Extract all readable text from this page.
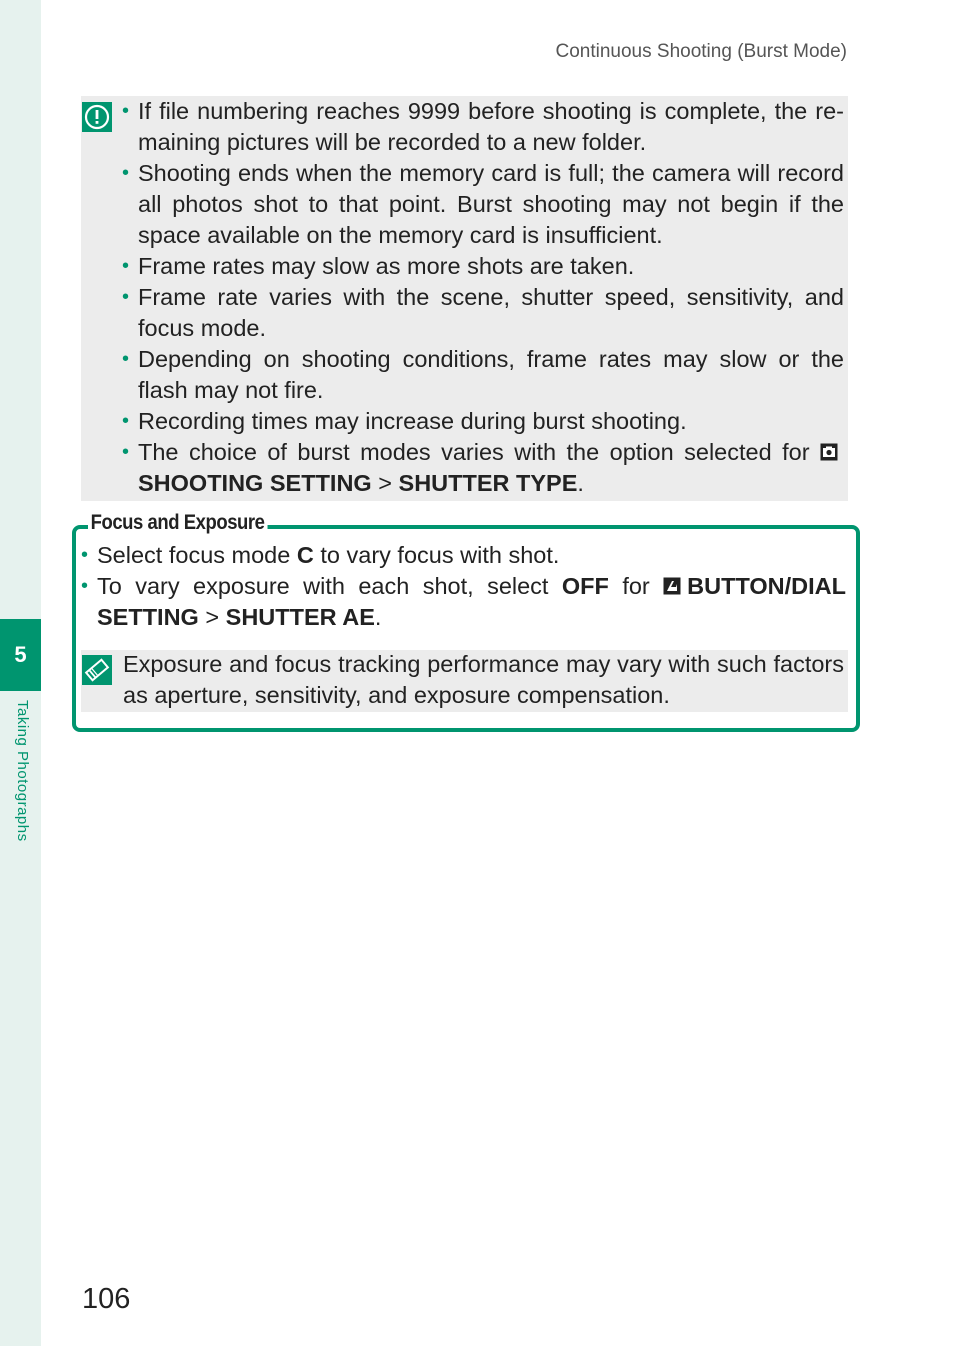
5
Taking Photographs
Continuous Shooting (Burst Mode)
• If file numbering reaches 9999 before shooting is complete, the re-maining pictures will be recorded to a new folder.
• Shooting ends when the memory card is full; the camera will record all photos shot to that point. Burst shooting may not begin if the space available on the memory card is insufficient.
• Frame rates may slow as more shots are taken.
• Frame rate varies with the scene, shutter speed, sensitivity, and focus mode.
• Depending on shooting conditions, frame rates may slow or the flash may not fire.
• Recording times may increase during burst shooting.
• The choice of burst modes varies with the option selected for SHOOTING SETTING > SHUTTER TYPE.
Focus and Exposure
• Select focus mode C to vary focus with shot.
• To vary exposure with each shot, select OFF for BUTTON/DIAL SETTING > SHUTTER AE.

Exposure and focus tracking performance may vary with such factors as aperture, sensitivity, and exposure compensation.

106
